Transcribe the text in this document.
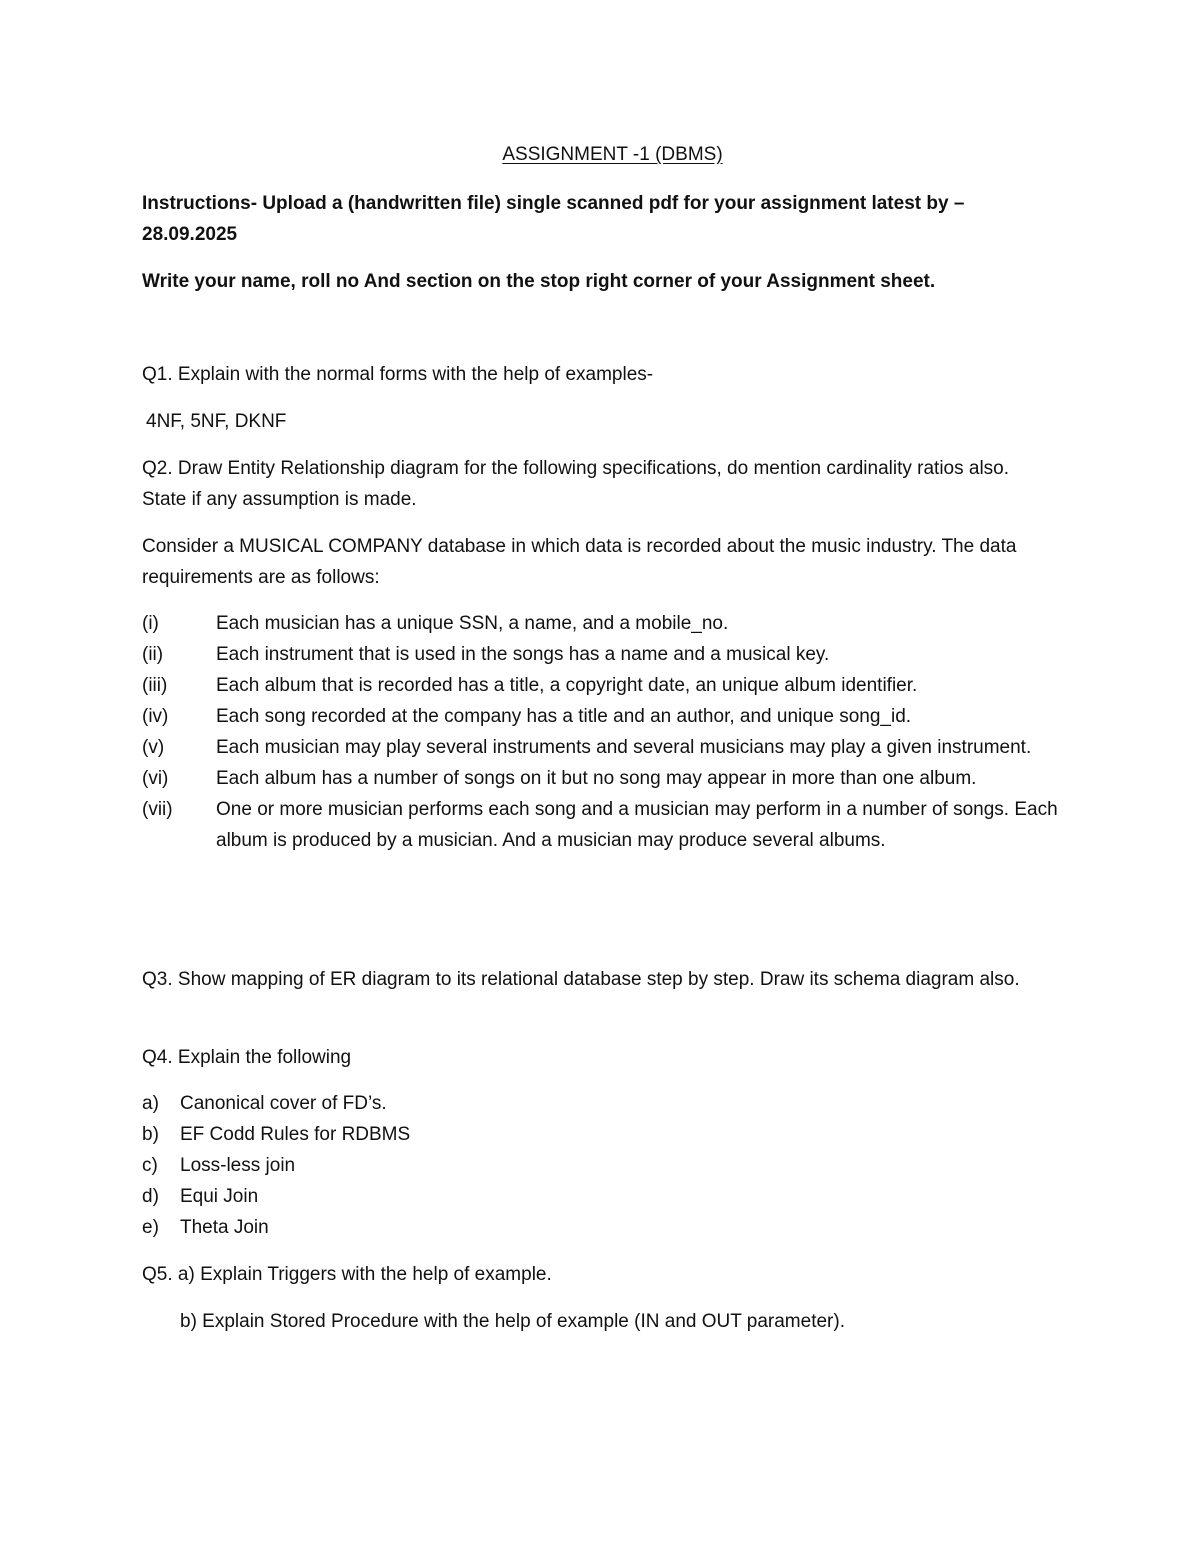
ASSIGNMENT -1 (DBMS)
Instructions- Upload a (handwritten file) single scanned pdf for your assignment latest by – 28.09.2025
Write your name, roll no And section on the stop right corner of your Assignment sheet.
Q1. Explain with the normal forms with the help of examples-
4NF, 5NF, DKNF
Q2. Draw Entity Relationship diagram for the following specifications, do mention cardinality ratios also. State if any assumption is made.
Consider a MUSICAL COMPANY database in which data is recorded about the music industry. The data requirements are as follows:
(i)	Each musician has a unique SSN, a name, and a mobile_no.
(ii)	Each instrument that is used in the songs has a name and a musical key.
(iii)	Each album that is recorded has a title, a copyright date, an unique album identifier.
(iv)	Each song recorded at the company has a title and an author, and unique song_id.
(v)	Each musician may play several instruments and several musicians may play a given instrument.
(vi)	Each album has a number of songs on it but no song may appear in more than one album.
(vii)	One or more musician performs each song and a musician may perform in a number of songs. Each album is produced by a musician. And a musician may produce several albums.
Q3. Show mapping of ER diagram to its relational database step by step. Draw its schema diagram also.
Q4. Explain the following
a)	Canonical cover of FD’s.
b)	EF Codd Rules for RDBMS
c)	Loss-less join
d)	Equi Join
e)	Theta Join
Q5. a) Explain Triggers with the help of example.
b) Explain Stored Procedure with the help of example (IN and OUT parameter).
